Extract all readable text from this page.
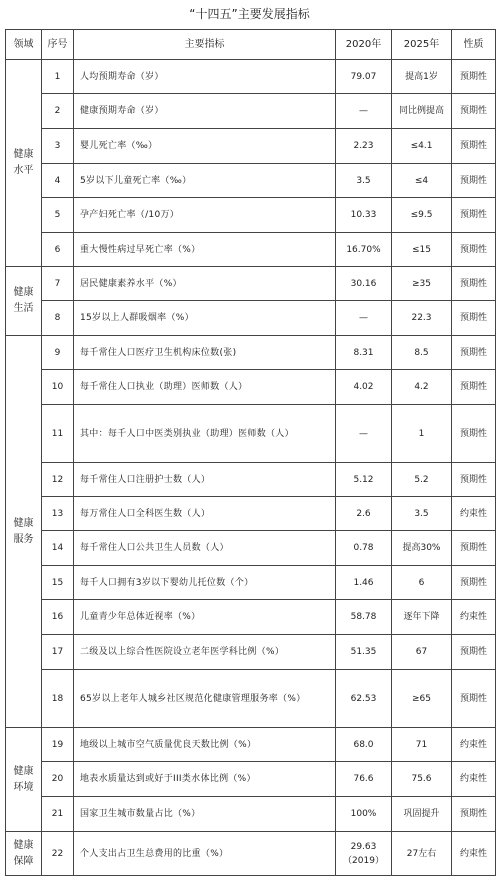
“十四五”主要发展指标
领域	序号	主要指标	2020年	2025年	性质

健康
水平	1	人均预期寿命（岁）	79.07	提高1岁	预期性
	2	健康预期寿命（岁）	—	同比例提高	预期性
	3	婴儿死亡率（‰）	2.23	≤4.1	预期性
	4	5岁以下儿童死亡率（‰）	3.5	≤4	预期性
	5	孕产妇死亡率（/10万）	10.33	≤9.5	预期性
	6	重大慢性病过早死亡率（%）	16.70%	≤15	预期性

健康
生活	7	居民健康素养水平（%）	30.16	≥35	预期性
	8	15岁以上人群吸烟率（%）	—	22.3	预期性

健康
服务	9	每千常住人口医疗卫生机构床位数(张)	8.31	8.5	预期性
	10	每千常住人口执业（助理）医师数（人）	4.02	4.2	预期性
	11	其中：每千人口中医类别执业（助理）医师数（人）	—	1	预期性
	12	每千常住人口注册护士数（人）	5.12	5.2	预期性
	13	每万常住人口全科医生数（人）	2.6	3.5	约束性
	14	每千常住人口公共卫生人员数（人）	0.78	提高30%	预期性
	15	每千人口拥有3岁以下婴幼儿托位数（个）	1.46	6	预期性
	16	儿童青少年总体近视率（%）	58.78	逐年下降	约束性
	17	二级及以上综合性医院设立老年医学科比例（%）	51.35	67	预期性
	18	65岁以上老年人城乡社区规范化健康管理服务率（%）	62.53	≥65	预期性

健康
环境	19	地级以上城市空气质量优良天数比例（%）	68.0	71	约束性
	20	地表水质量达到或好于III类水体比例（%）	76.6	75.6	约束性
	21	国家卫生城市数量占比（%）	100%	巩固提升	预期性

健康
保障	22	个人支出占卫生总费用的比重（%）	29.63 （2019）	27左右	约束性
